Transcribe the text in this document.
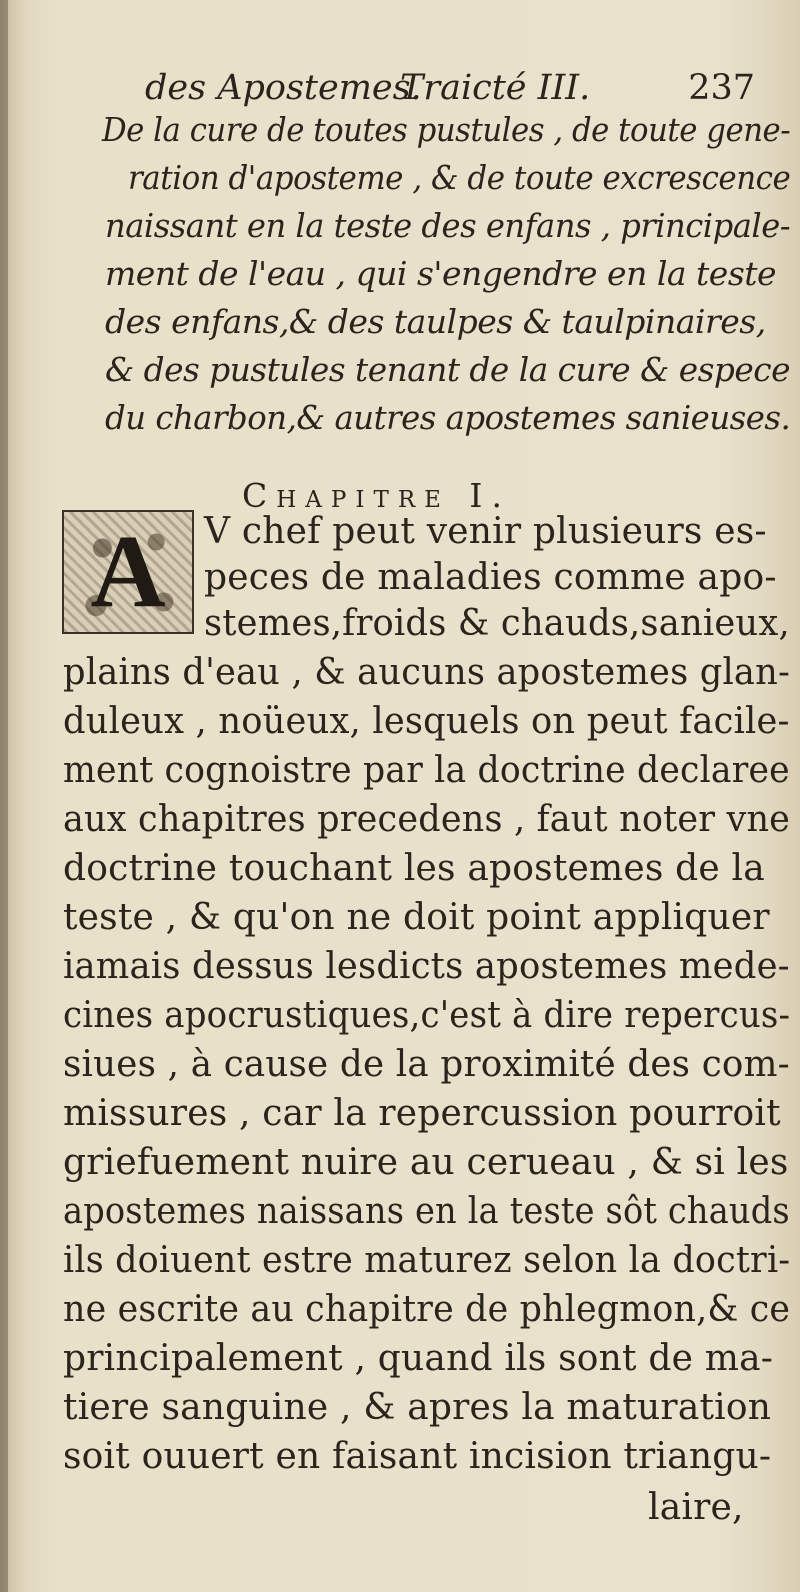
des Apostemes.
Traicté III.	237

De la cure de toutes pustules , de toute gene-

ration d'aposteme , & de toute excrescence

naissant en la teste des enfans , principale-

ment de l'eau , qui s'engendre en la teste

des enfans,& des taulpes & taulpinaires,

& des pustules tenant de la cure & espece

du charbon,& autres apostemes sanieuses.

Chapitre I.
A	V chef peut venir plusieurs es-

peces de maladies comme apo-

stemes,froids & chauds,sanieux,

plains d'eau , & aucuns apostemes glan-

duleux , noüeux, lesquels on peut facile-

ment cognoistre par la doctrine declaree

aux chapitres precedens , faut noter vne

doctrine touchant les apostemes de la

teste , & qu'on ne doit point appliquer

iamais dessus lesdicts apostemes mede-

cines apocrustiques,c'est à dire repercus-

siues , à cause de la proximité des com-

missures , car la repercussion pourroit

griefuement nuire au cerueau , & si les

apostemes naissans en la teste sôt chauds

ils doiuent estre maturez selon la doctri-

ne escrite au chapitre de phlegmon,& ce

principalement , quand ils sont de ma-

tiere sanguine , & apres la maturation

soit ouuert en faisant incision triangu-

laire,
